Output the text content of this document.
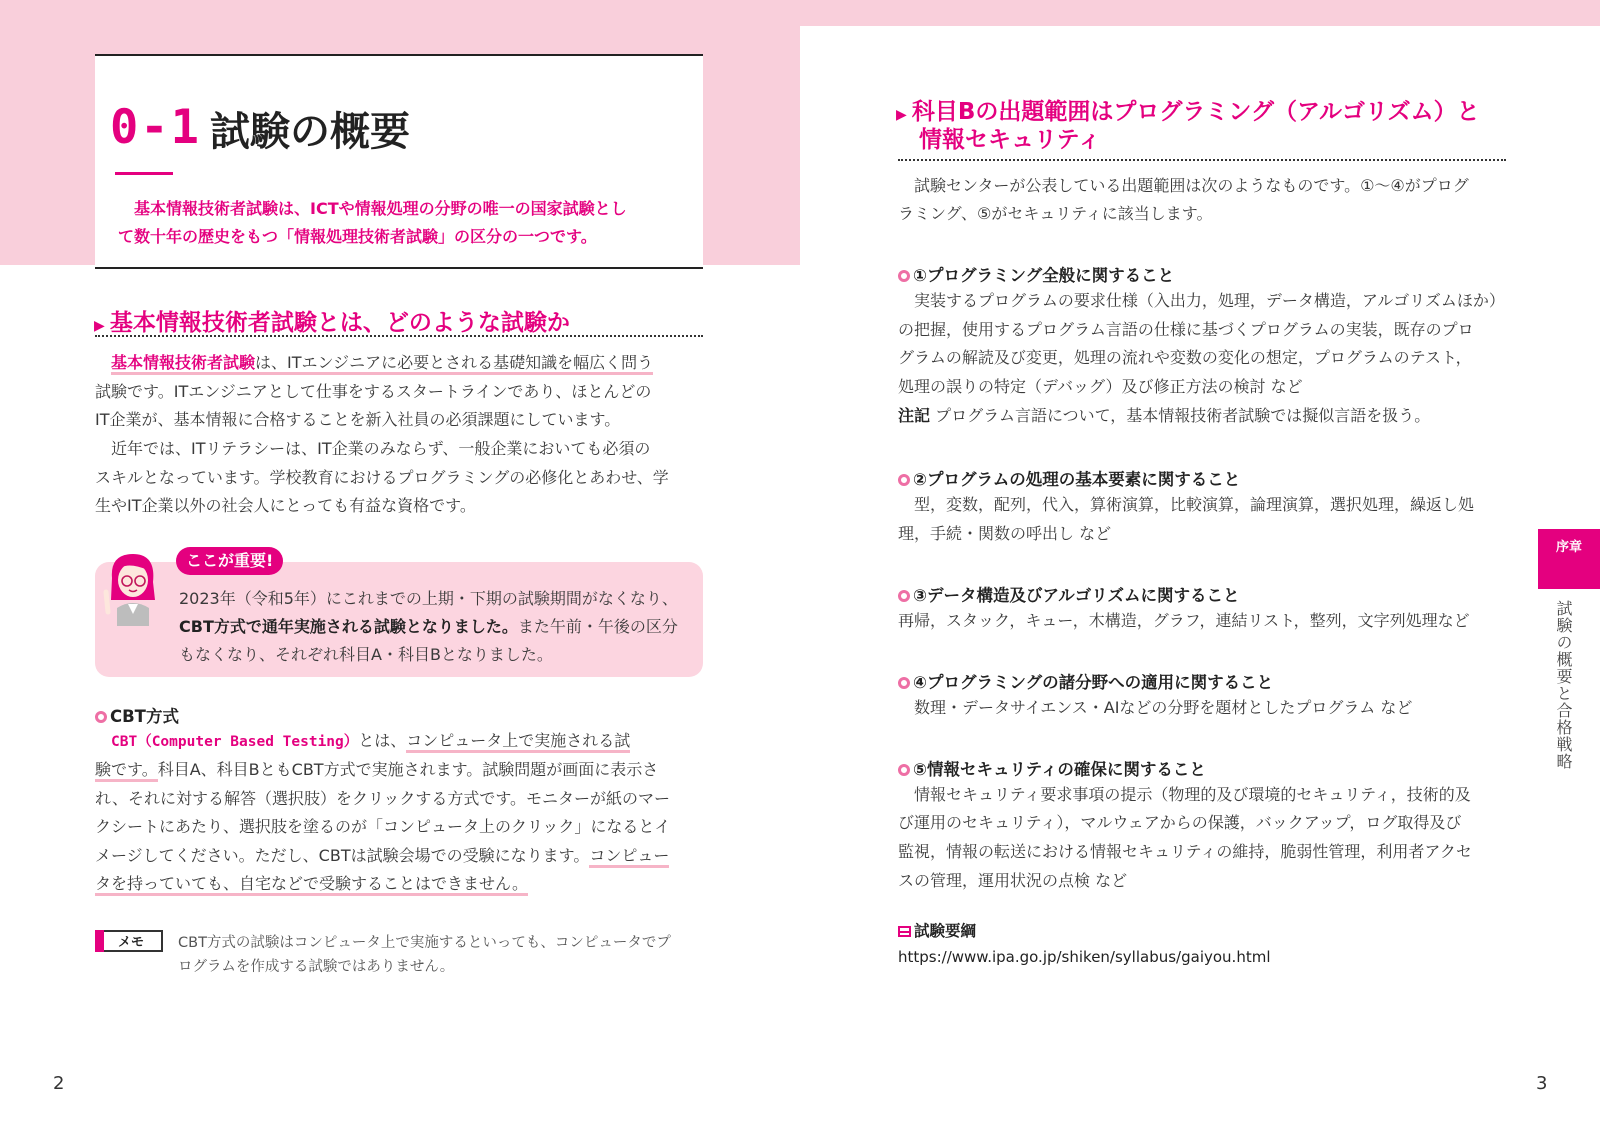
0-1 試験の概要
　基本情報技術者試験は、ICTや情報処理の分野の唯一の国家試験とし
て数十年の歴史をもつ「情報処理技術者試験」の区分の一つです。
▶ 基本情報技術者試験とは、どのような試験か
　基本情報技術者試験は、ITエンジニアに必要とされる基礎知識を幅広く問う
試験です。ITエンジニアとして仕事をするスタートラインであり、ほとんどの
IT企業が、基本情報に合格することを新入社員の必須課題にしています。
　近年では、ITリテラシーは、IT企業のみならず、一般企業においても必須の
スキルとなっています。学校教育におけるプログラミングの必修化とあわせ、学
生やIT企業以外の社会人にとっても有益な資格です。
ここが重要!
2023年（令和5年）にこれまでの上期・下期の試験期間がなくなり、
CBT方式で通年実施される試験となりました。また午前・午後の区分
もなくなり、それぞれ科目A・科目Bとなりました。
CBT方式
　CBT（Computer Based Testing）とは、コンピュータ上で実施される試
験です。科目A、科目BともCBT方式で実施されます。試験問題が画面に表示さ
れ、それに対する解答（選択肢）をクリックする方式です。モニターが紙のマー
クシートにあたり、選択肢を塗るのが「コンピュータ上のクリック」になるとイ
メージしてください。ただし、CBTは試験会場での受験になります。コンピュー
タを持っていても、自宅などで受験することはできません。
メモ CBT方式の試験はコンピュータ上で実施するといっても、コンピュータでプ
ログラムを作成する試験ではありません。
2
▶ 科目Bの出題範囲はプログラミング（アルゴリズム）と
情報セキュリティ
　試験センターが公表している出題範囲は次のようなものです。①～④がプログ
ラミング、⑤がセキュリティに該当します。
①プログラミング全般に関すること
　実装するプログラムの要求仕様（入出力，処理，データ構造，アルゴリズムほか）
の把握，使用するプログラム言語の仕様に基づくプログラムの実装，既存のプロ
グラムの解読及び変更，処理の流れや変数の変化の想定，プログラムのテスト，
処理の誤りの特定（デバッグ）及び修正方法の検討 など
注記 プログラム言語について，基本情報技術者試験では擬似言語を扱う。
②プログラムの処理の基本要素に関すること
　型，変数，配列，代入，算術演算，比較演算，論理演算，選択処理，繰返し処
理，手続・関数の呼出し など
③データ構造及びアルゴリズムに関すること
再帰，スタック，キュー，木構造，グラフ，連結リスト，整列，文字列処理など
④プログラミングの諸分野への適用に関すること
　数理・データサイエンス・AIなどの分野を題材としたプログラム など
⑤情報セキュリティの確保に関すること
　情報セキュリティ要求事項の提示（物理的及び環境的セキュリティ，技術的及
び運用のセキュリティ），マルウェアからの保護，バックアップ，ログ取得及び
監視，情報の転送における情報セキュリティの維持，脆弱性管理，利用者アクセ
スの管理，運用状況の点検 など
試験要綱
https://www.ipa.go.jp/shiken/syllabus/gaiyou.html
序章
試験の概要と合格戦略
3
